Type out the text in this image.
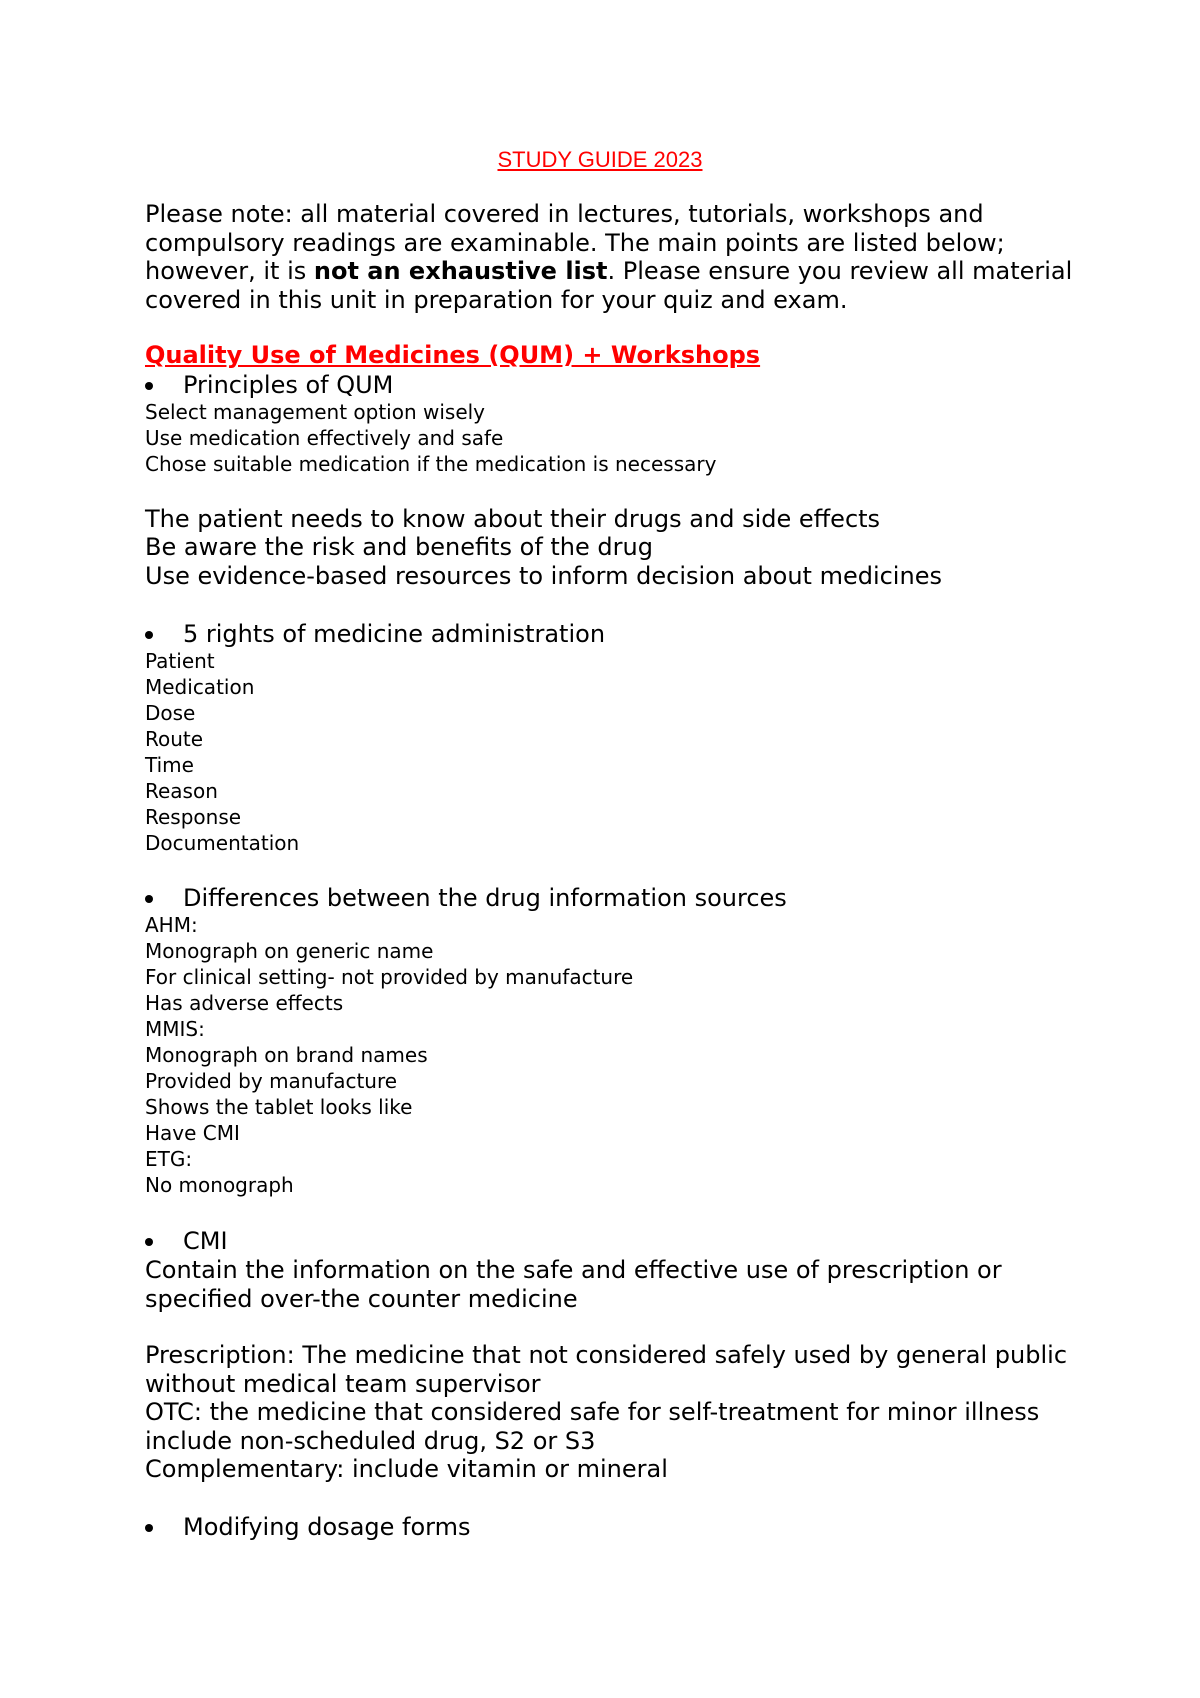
STUDY GUIDE 2023

Please note: all material covered in lectures, tutorials, workshops and compulsory readings are examinable. The main points are listed below; however, it is not an exhaustive list. Please ensure you review all material covered in this unit in preparation for your quiz and exam.

Quality Use of Medicines (QUM) + Workshops
Principles of QUM
Select management option wisely
Use medication effectively and safe
Chose suitable medication if the medication is necessary
The patient needs to know about their drugs and side effects
Be aware the risk and benefits of the drug
Use evidence-based resources to inform decision about medicines
5 rights of medicine administration
Patient
Medication
Dose
Route
Time
Reason
Response
Documentation
Differences between the drug information sources
AHM:
Monograph on generic name
For clinical setting- not provided by manufacture
Has adverse effects
MMIS:
Monograph on brand names
Provided by manufacture
Shows the tablet looks like
Have CMI
ETG:
No monograph
CMI
Contain the information on the safe and effective use of prescription or specified over-the counter medicine
Prescription: The medicine that not considered safely used by general public without medical team supervisor
OTC: the medicine that considered safe for self-treatment for minor illness include non-scheduled drug, S2 or S3
Complementary: include vitamin or mineral
Modifying dosage forms
